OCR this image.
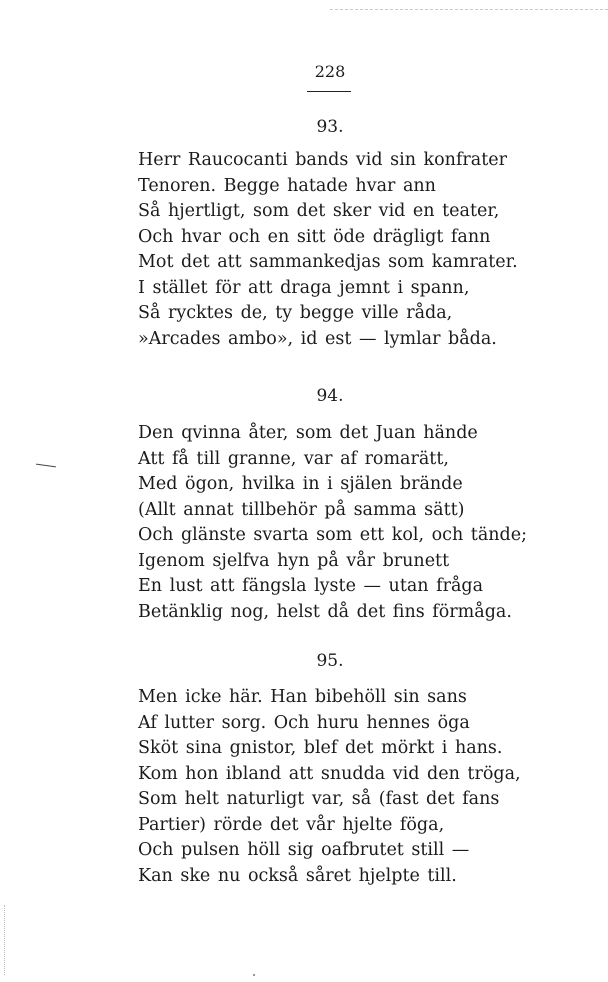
228
93.
Herr Raucocanti bands vid sin konfrater
Tenoren. Begge hatade hvar ann
Så hjertligt, som det sker vid en teater,
Och hvar och en sitt öde drägligt fann
Mot det att sammankedjas som kamrater.
I stället för att draga jemnt i spann,
Så rycktes de, ty begge ville råda,
»Arcades ambo», id est — lymlar båda.
94.
Den qvinna åter, som det Juan hände
Att få till granne, var af romarätt,
Med ögon, hvilka in i själen brände
(Allt annat tillbehör på samma sätt)
Och glänste svarta som ett kol, och tände;
Igenom sjelfva hyn på vår brunett
En lust att fängsla lyste — utan fråga
Betänklig nog, helst då det fins förmåga.
95.
Men icke här. Han bibehöll sin sans
Af lutter sorg. Och huru hennes öga
Sköt sina gnistor, blef det mörkt i hans.
Kom hon ibland att snudda vid den tröga,
Som helt naturligt var, så (fast det fans
Partier) rörde det vår hjelte föga,
Och pulsen höll sig oafbrutet still —
Kan ske nu också såret hjelpte till.
